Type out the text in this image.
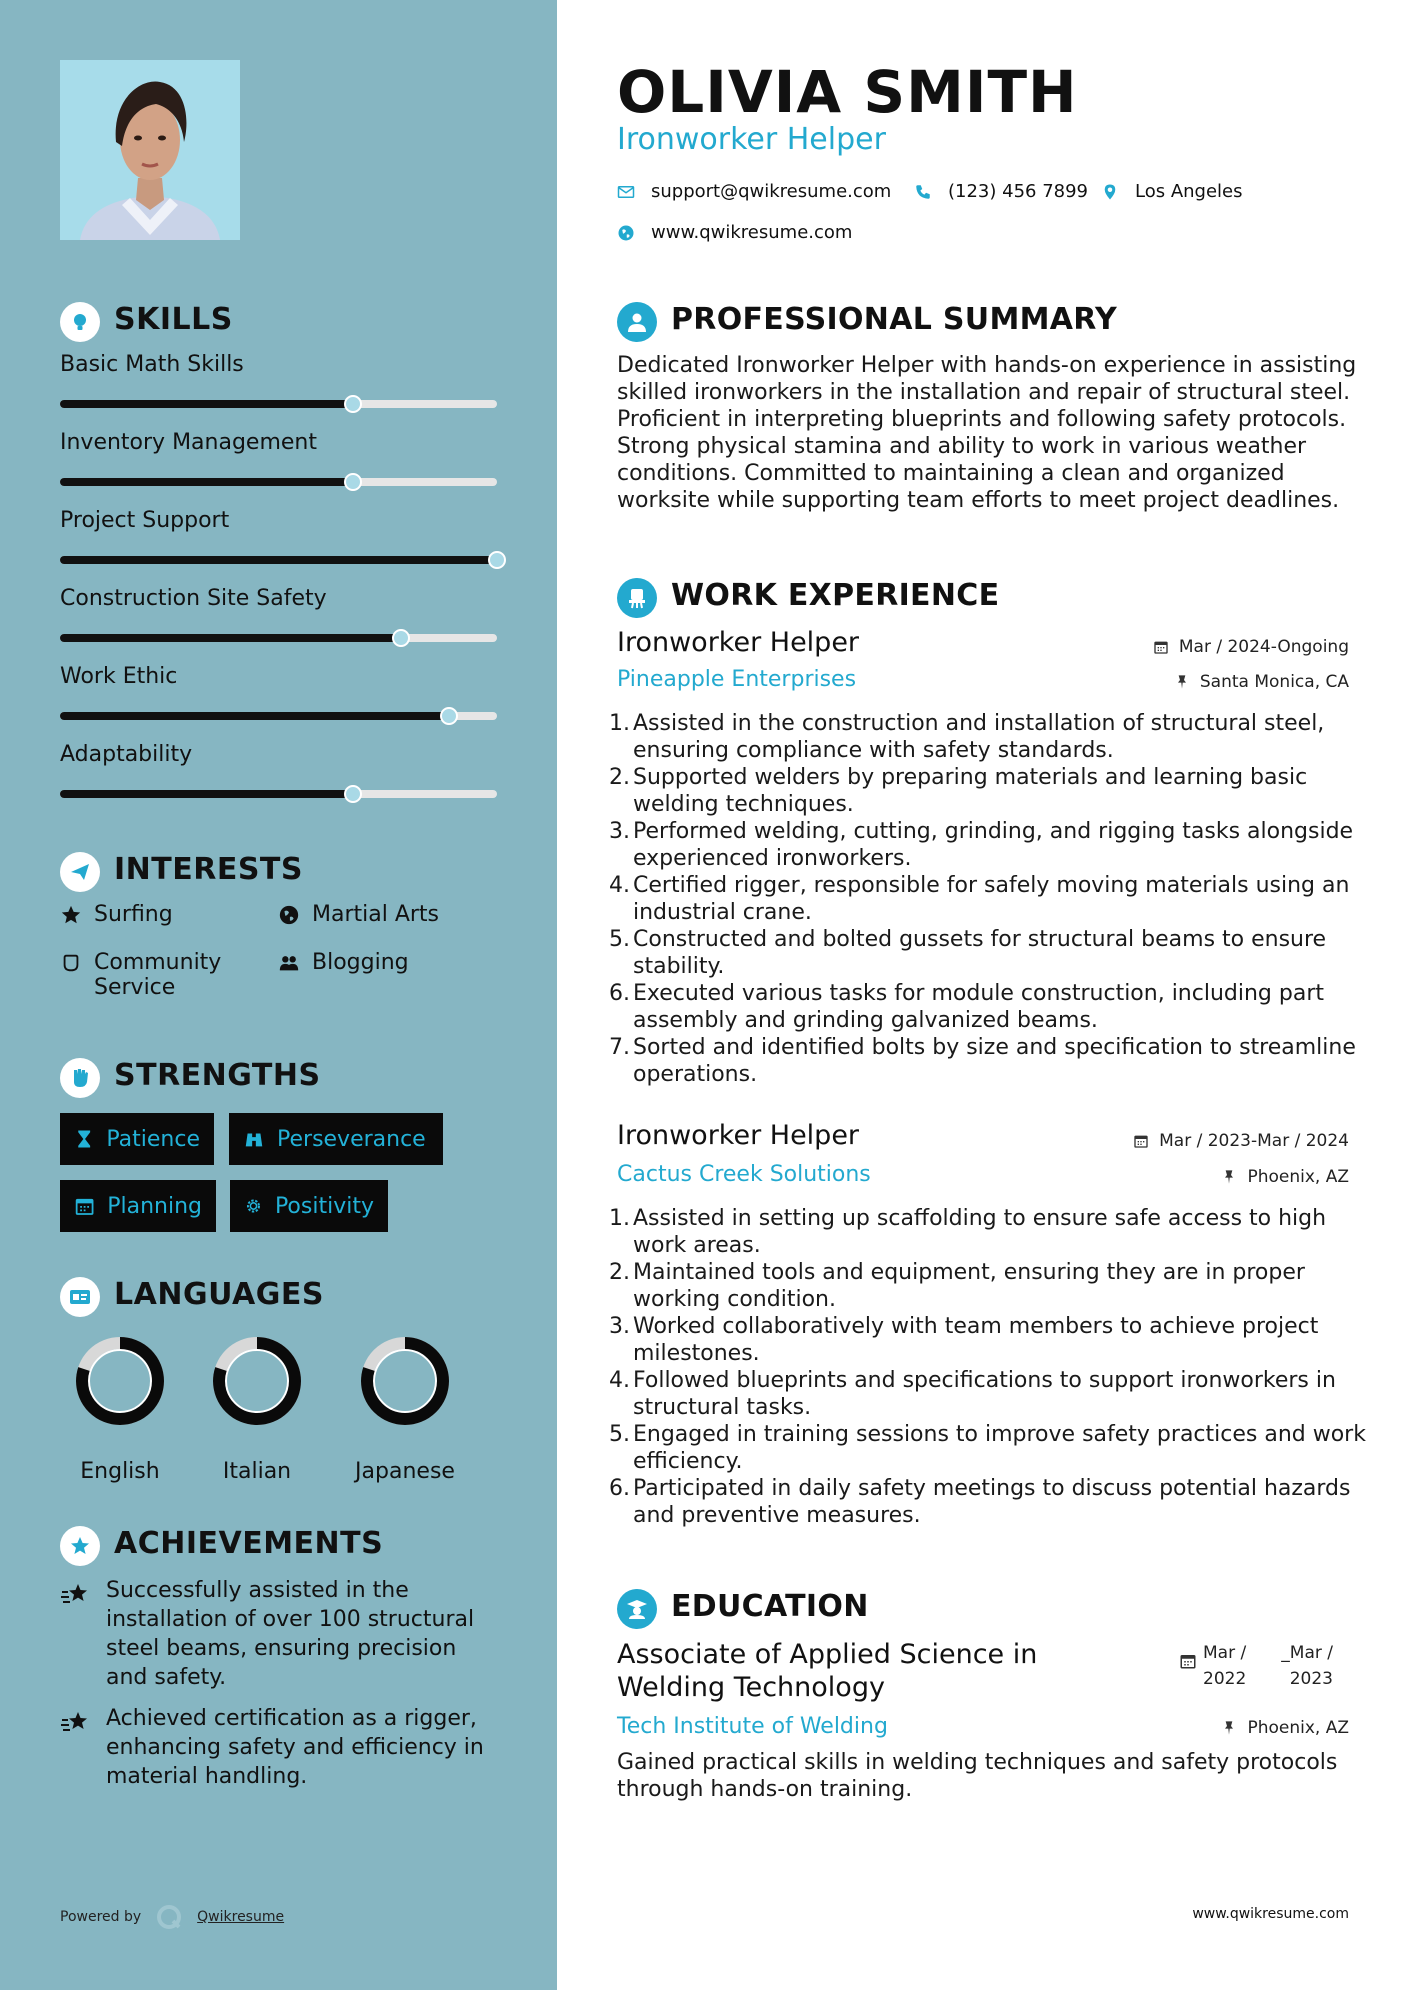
SKILLS
Basic Math Skills
Inventory Management
Project Support
Construction Site Safety
Work Ethic
Adaptability
INTERESTS
Surfing	Martial Arts
Community Service
Blogging
STRENGTHS
Patience	Perseverance
Planning	Positivity
LANGUAGES
English	Italian	Japanese
ACHIEVEMENTS
Successfully assisted in the installation of over 100 structural steel beams, ensuring precision and safety.
Achieved certification as a rigger, enhancing safety and efficiency in material handling.
Powered by	Qwikresume
OLIVIA SMITH
Ironworker Helper
support@qwikresume.com	(123) 456 7899	Los Angeles
www.qwikresume.com
PROFESSIONAL SUMMARY
Dedicated Ironworker Helper with hands-on experience in assisting skilled ironworkers in the installation and repair of structural steel. Proficient in interpreting blueprints and following safety protocols. Strong physical stamina and ability to work in various weather conditions. Committed to maintaining a clean and organized worksite while supporting team efforts to meet project deadlines.
WORK EXPERIENCE
Ironworker Helper	Mar / 2024-Ongoing
Pineapple Enterprises	Santa Monica, CA
1. Assisted in the construction and installation of structural steel, ensuring compliance with safety standards.
2. Supported welders by preparing materials and learning basic welding techniques.
3. Performed welding, cutting, grinding, and rigging tasks alongside experienced ironworkers.
4. Certified rigger, responsible for safely moving materials using an industrial crane.
5. Constructed and bolted gussets for structural beams to ensure stability.
6. Executed various tasks for module construction, including part assembly and grinding galvanized beams.
7. Sorted and identified bolts by size and specification to streamline operations.
Ironworker Helper	Mar / 2023-Mar / 2024
Cactus Creek Solutions	Phoenix, AZ
1. Assisted in setting up scaffolding to ensure safe access to high work areas.
2. Maintained tools and equipment, ensuring they are in proper working condition.
3. Worked collaboratively with team members to achieve project milestones.
4. Followed blueprints and specifications to support ironworkers in structural tasks.
5. Engaged in training sessions to improve safety practices and work efficiency.
6. Participated in daily safety meetings to discuss potential hazards and preventive measures.
EDUCATION
Associate of Applied Science in Welding Technology
Mar /
2022
_Mar /
2023
Tech Institute of Welding	Phoenix, AZ
Gained practical skills in welding techniques and safety protocols through hands-on training.
www.qwikresume.com
